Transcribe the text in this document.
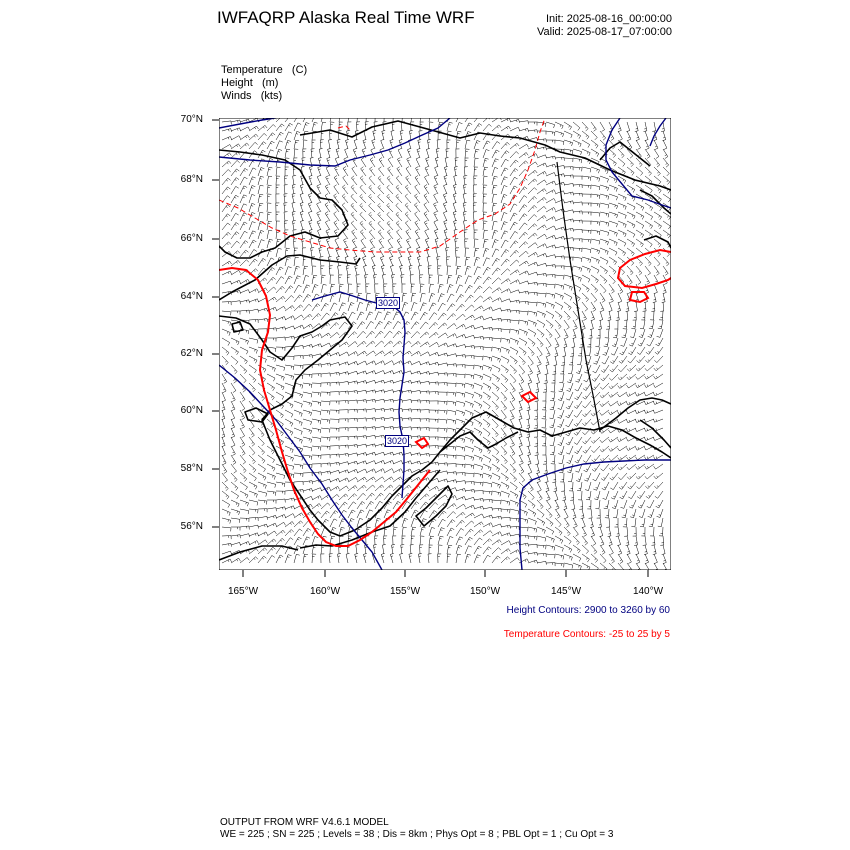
IWFAQRP Alaska Real Time WRF	Init: 2025-08-16_00:00:00
Valid: 2025-08-17_07:00:00
Temperature   (C)
Height   (m)
Winds   (kts)
70°N
68°N
66°N
64°N
62°N
60°N
58°N
56°N
165°W	160°W	155°W	150°W	145°W	140°W
3020
3020
Height Contours: 2900 to 3260 by 60
Temperature Contours: -25 to 25 by 5
OUTPUT FROM WRF V4.6.1 MODEL
WE = 225 ; SN = 225 ; Levels = 38 ; Dis = 8km ; Phys Opt = 8 ; PBL Opt = 1 ; Cu Opt = 3
